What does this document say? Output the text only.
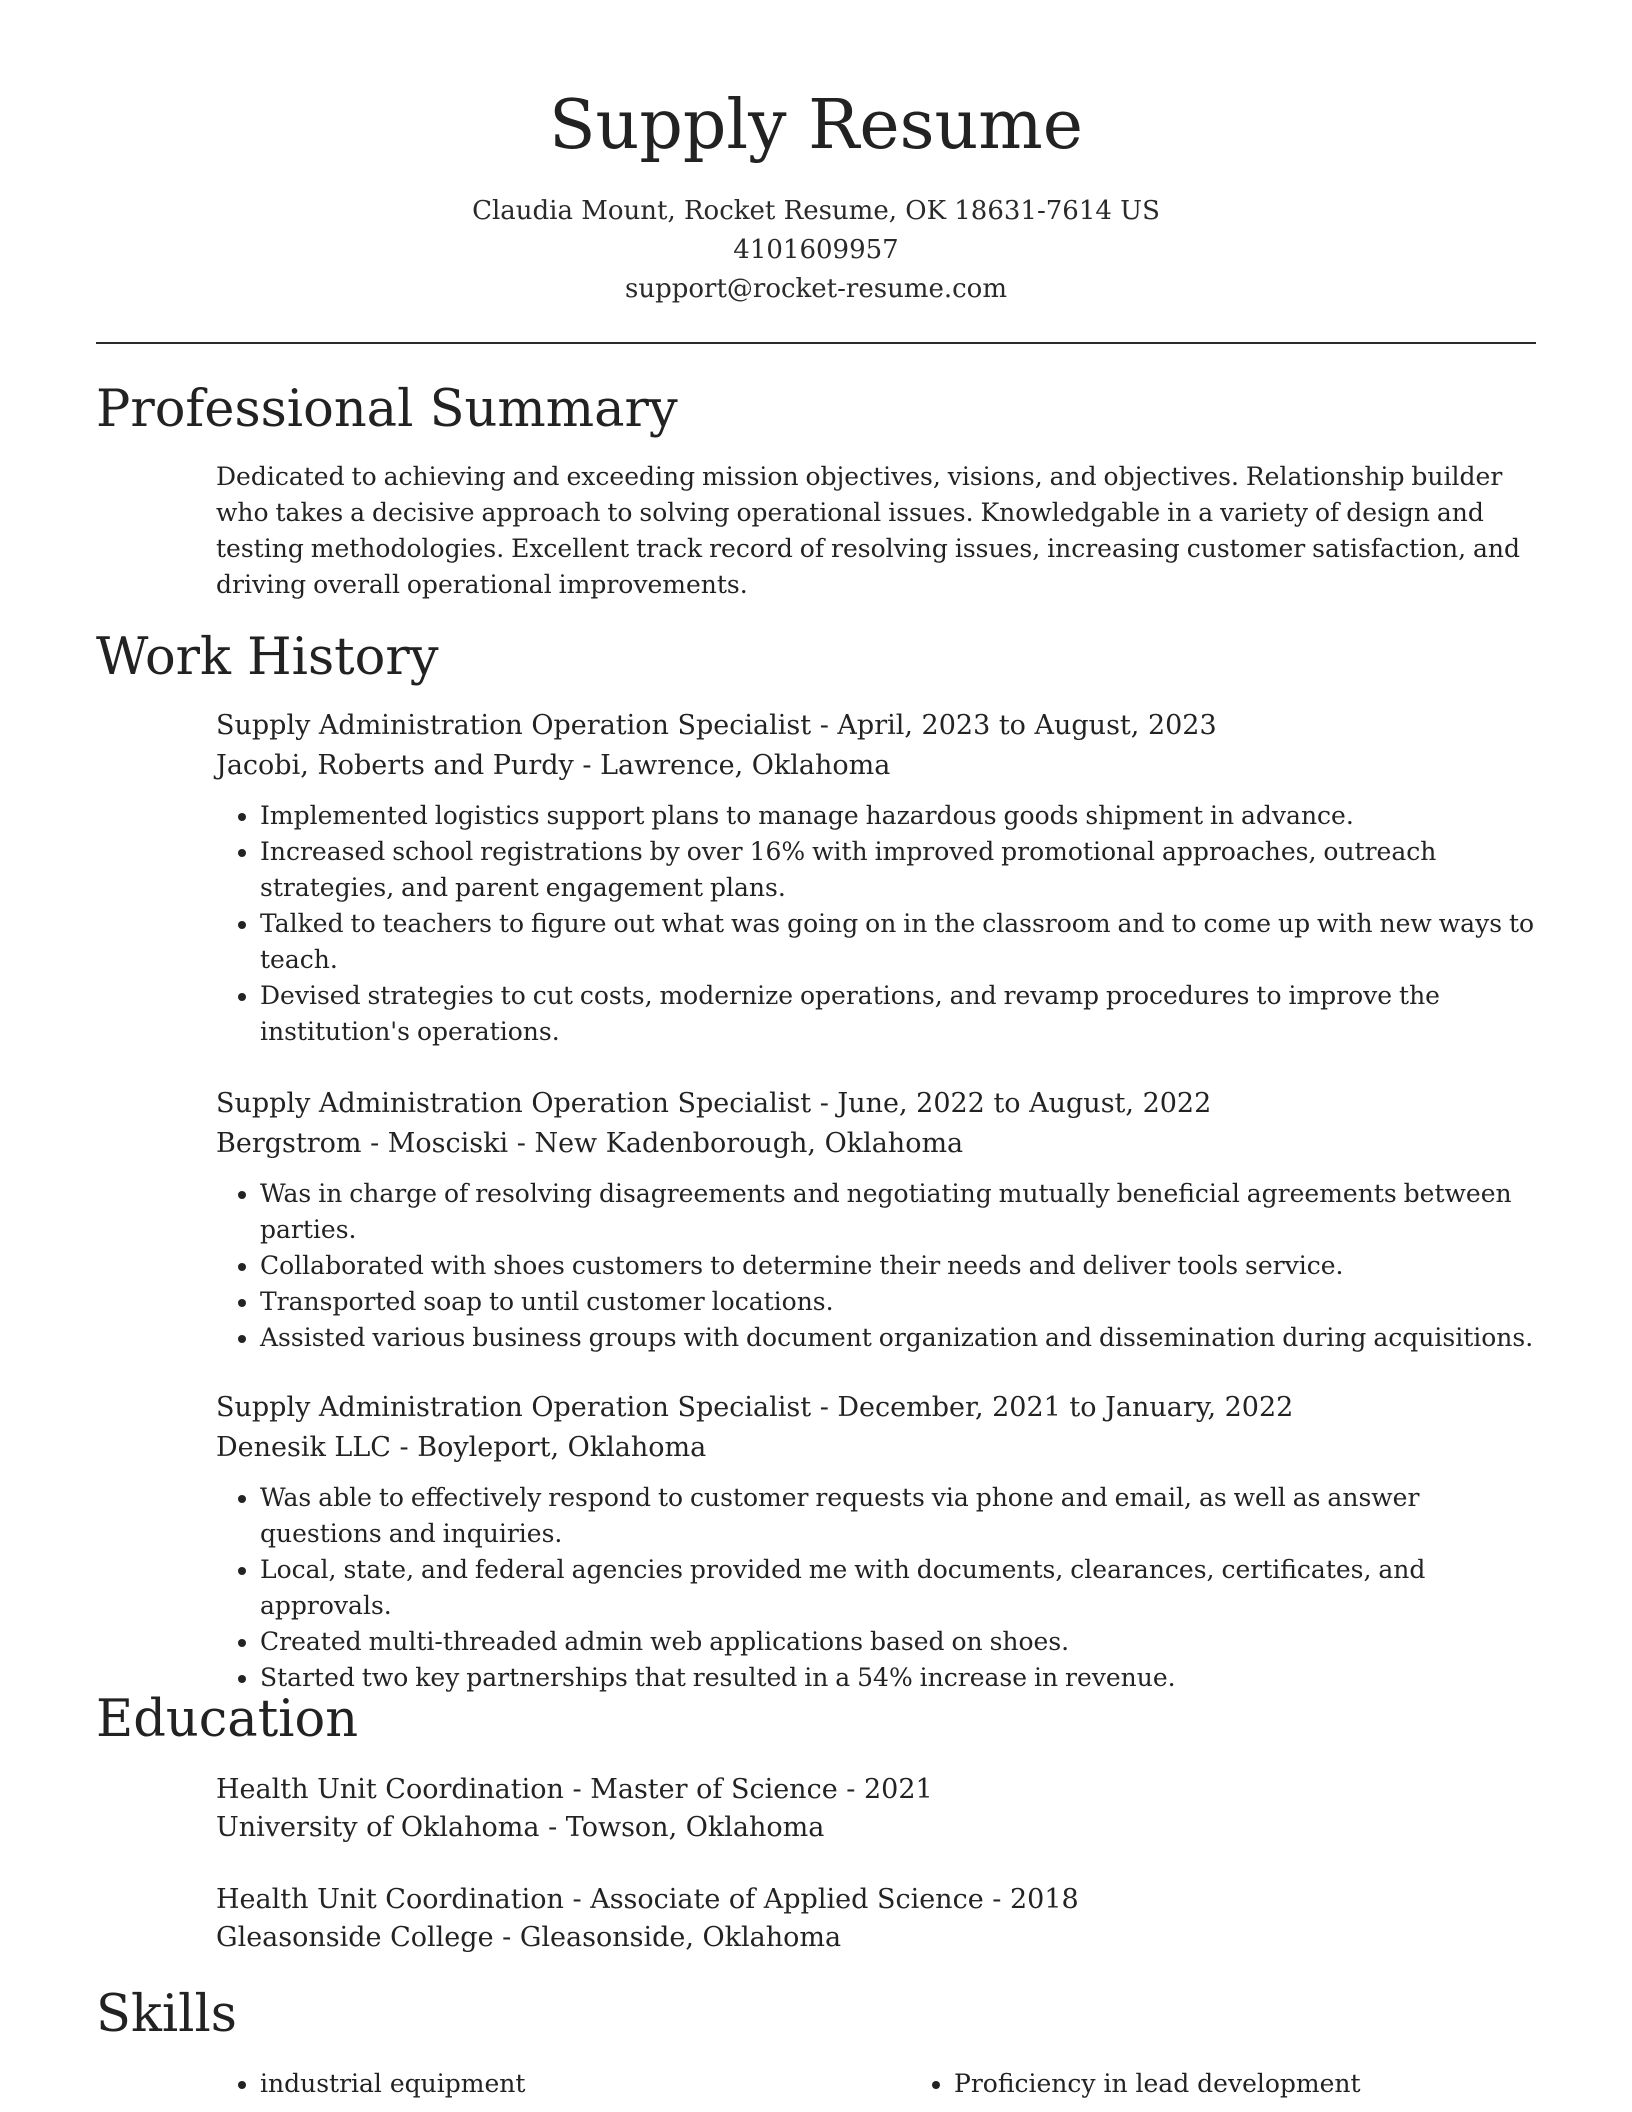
Supply Resume
Claudia Mount, Rocket Resume, OK 18631-7614 US
4101609957
support@rocket-resume.com
Professional Summary
Dedicated to achieving and exceeding mission objectives, visions, and objectives. Relationship builder who takes a decisive approach to solving operational issues. Knowledgable in a variety of design and testing methodologies. Excellent track record of resolving issues, increasing customer satisfaction, and driving overall operational improvements.
Work History
Supply Administration Operation Specialist - April, 2023 to August, 2023
Jacobi, Roberts and Purdy - Lawrence, Oklahoma
• Implemented logistics support plans to manage hazardous goods shipment in advance.
• Increased school registrations by over 16% with improved promotional approaches, outreach strategies, and parent engagement plans.
• Talked to teachers to figure out what was going on in the classroom and to come up with new ways to teach.
• Devised strategies to cut costs, modernize operations, and revamp procedures to improve the institution's operations.
Supply Administration Operation Specialist - June, 2022 to August, 2022
Bergstrom - Mosciski - New Kadenborough, Oklahoma
• Was in charge of resolving disagreements and negotiating mutually beneficial agreements between parties.
• Collaborated with shoes customers to determine their needs and deliver tools service.
• Transported soap to until customer locations.
• Assisted various business groups with document organization and dissemination during acquisitions.
Supply Administration Operation Specialist - December, 2021 to January, 2022
Denesik LLC - Boyleport, Oklahoma
• Was able to effectively respond to customer requests via phone and email, as well as answer questions and inquiries.
• Local, state, and federal agencies provided me with documents, clearances, certificates, and approvals.
• Created multi-threaded admin web applications based on shoes.
• Started two key partnerships that resulted in a 54% increase in revenue.
Education
Health Unit Coordination - Master of Science - 2021
University of Oklahoma - Towson, Oklahoma
Health Unit Coordination - Associate of Applied Science - 2018
Gleasonside College - Gleasonside, Oklahoma
Skills
• industrial equipment
•	Proficiency in lead development
